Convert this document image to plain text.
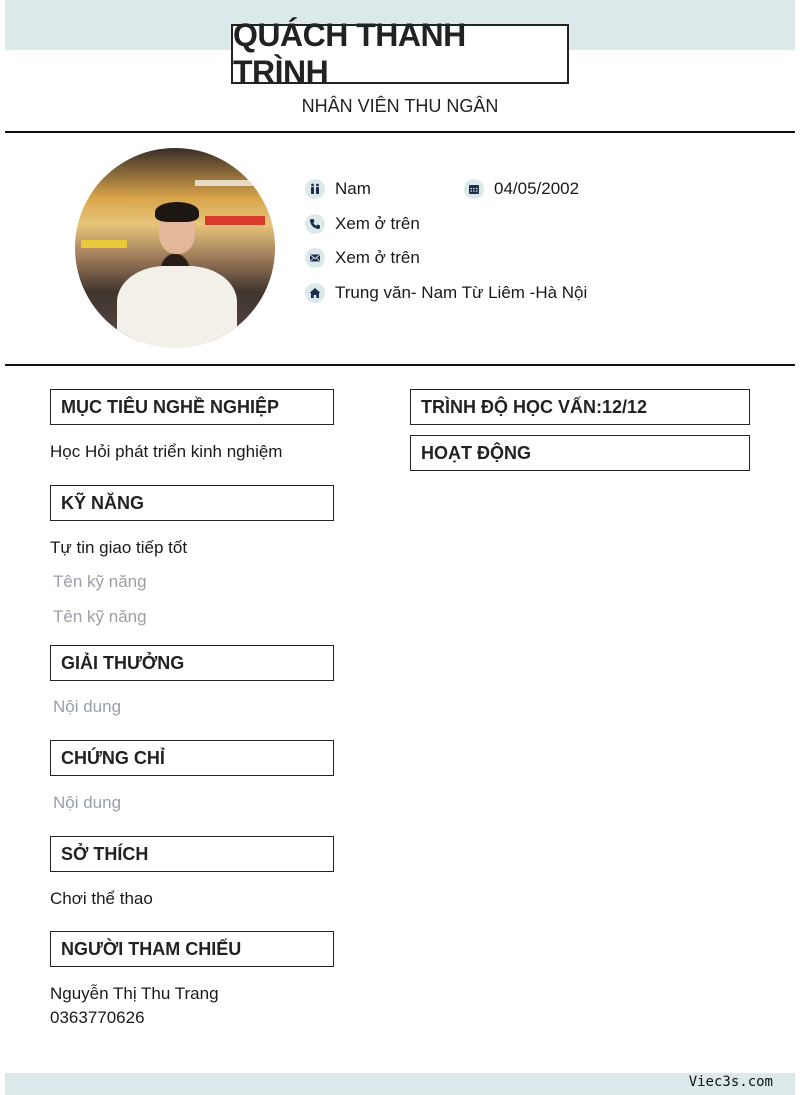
QUÁCH THANH TRÌNH
NHÂN VIÊN THU NGÂN
Nam	04/05/2002
Xem ở trên
Xem ở trên
Trung văn- Nam Từ Liêm -Hà Nội
MỤC TIÊU NGHỀ NGHIỆP
Học Hỏi phát triển kinh nghiệm
KỸ NĂNG
Tự tin giao tiếp tốt
Tên kỹ năng
Tên kỹ năng
GIẢI THƯỞNG
Nội dung
CHỨNG CHỈ
Nội dung
SỞ THÍCH
Chơi thể thao
NGƯỜI THAM CHIẾU
Nguyễn Thị Thu Trang
0363770626
TRÌNH ĐỘ HỌC VẤN:12/12
HOẠT ĐỘNG
Viec3s.com
